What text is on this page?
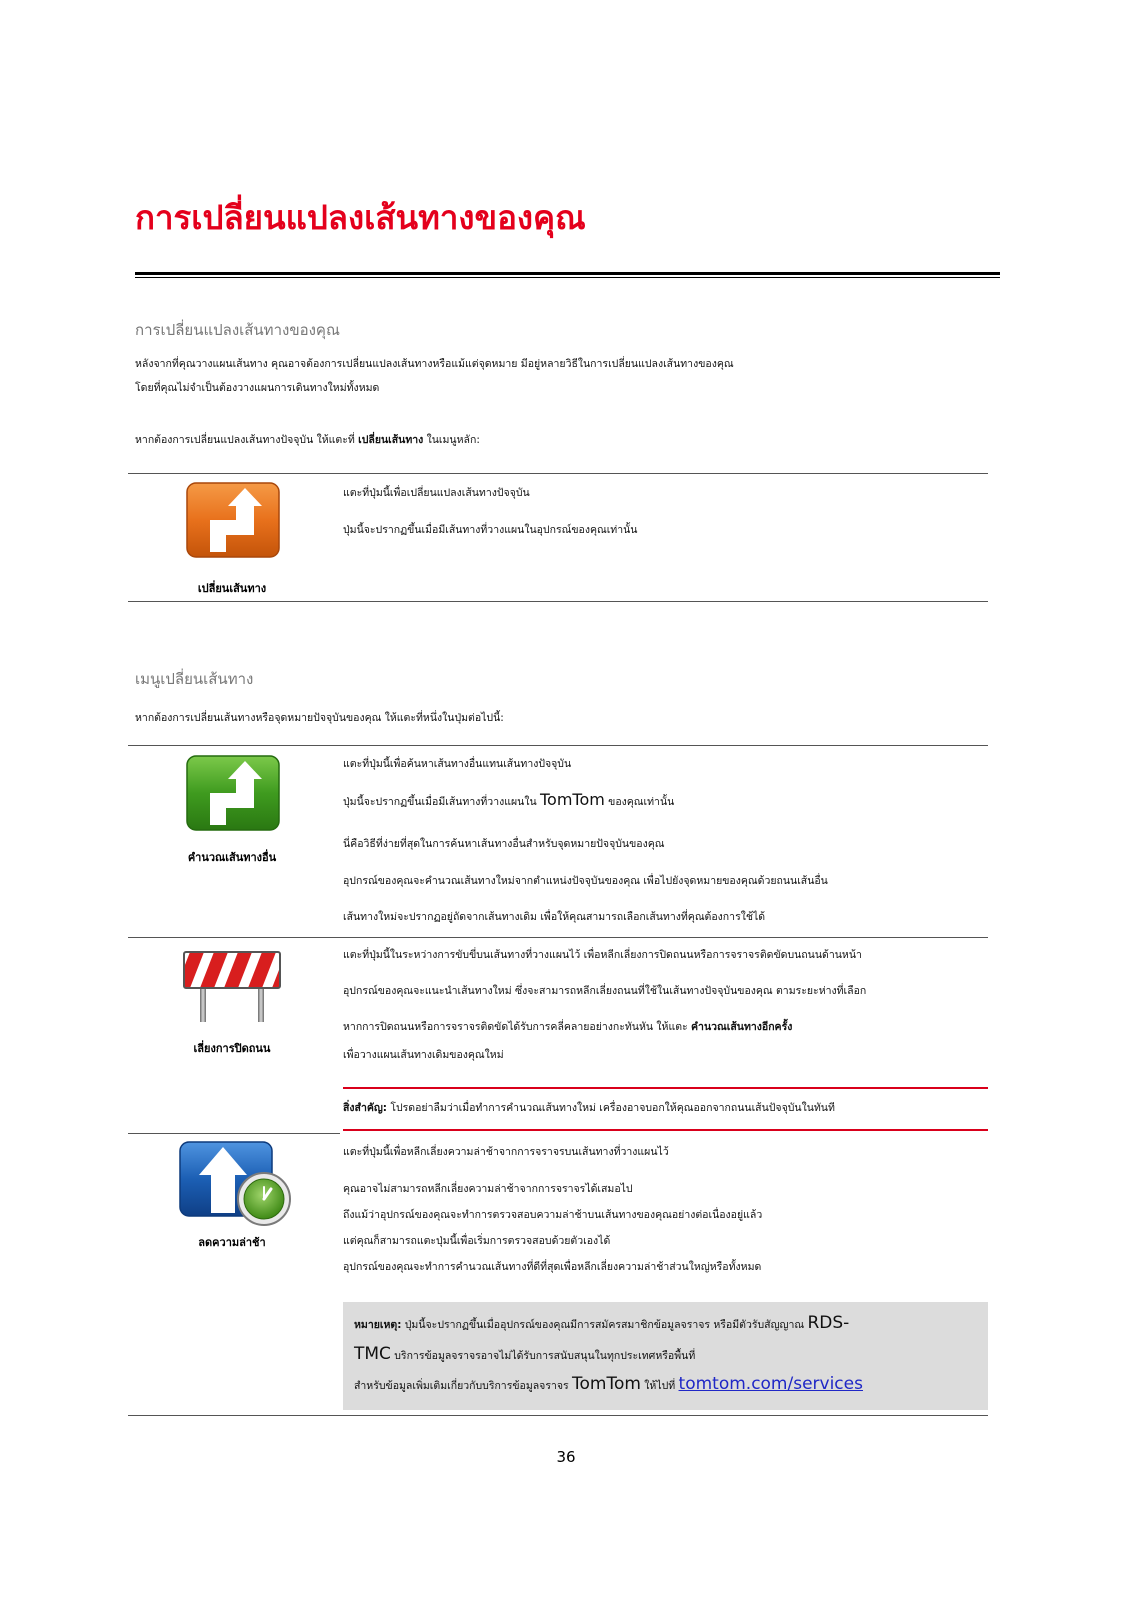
การเปลี่ยนแปลงเส้นทางของคุณ
การเปลี่ยนแปลงเส้นทางของคุณ
หลังจากที่คุณวางแผนเส้นทาง คุณอาจต้องการเปลี่ยนแปลงเส้นทางหรือแม้แต่จุดหมาย มีอยู่หลายวิธีในการเปลี่ยนแปลงเส้นทางของคุณ
โดยที่คุณไม่จำเป็นต้องวางแผนการเดินทางใหม่ทั้งหมด
หากต้องการเปลี่ยนแปลงเส้นทางปัจจุบัน ให้แตะที่ เปลี่ยนเส้นทาง ในเมนูหลัก:
เปลี่ยนเส้นทาง
แตะที่ปุ่มนี้เพื่อเปลี่ยนแปลงเส้นทางปัจจุบัน
ปุ่มนี้จะปรากฏขึ้นเมื่อมีเส้นทางที่วางแผนในอุปกรณ์ของคุณเท่านั้น
เมนูเปลี่ยนเส้นทาง
หากต้องการเปลี่ยนเส้นทางหรือจุดหมายปัจจุบันของคุณ ให้แตะที่หนึ่งในปุ่มต่อไปนี้:
คำนวณเส้นทางอื่น
แตะที่ปุ่มนี้เพื่อค้นหาเส้นทางอื่นแทนเส้นทางปัจจุบัน
ปุ่มนี้จะปรากฏขึ้นเมื่อมีเส้นทางที่วางแผนใน TomTom ของคุณเท่านั้น
นี่คือวิธีที่ง่ายที่สุดในการค้นหาเส้นทางอื่นสำหรับจุดหมายปัจจุบันของคุณ
อุปกรณ์ของคุณจะคำนวณเส้นทางใหม่จากตำแหน่งปัจจุบันของคุณ เพื่อไปยังจุดหมายของคุณด้วยถนนเส้นอื่น
เส้นทางใหม่จะปรากฏอยู่ถัดจากเส้นทางเดิม เพื่อให้คุณสามารถเลือกเส้นทางที่คุณต้องการใช้ได้
เลี่ยงการปิดถนน
แตะที่ปุ่มนี้ในระหว่างการขับขี่บนเส้นทางที่วางแผนไว้ เพื่อหลีกเลี่ยงการปิดถนนหรือการจราจรติดขัดบนถนนด้านหน้า
อุปกรณ์ของคุณจะแนะนำเส้นทางใหม่ ซึ่งจะสามารถหลีกเลี่ยงถนนที่ใช้ในเส้นทางปัจจุบันของคุณ ตามระยะห่างที่เลือก
หากการปิดถนนหรือการจราจรติดขัดได้รับการคลี่คลายอย่างกะทันหัน ให้แตะ คำนวณเส้นทางอีกครั้ง
เพื่อวางแผนเส้นทางเดิมของคุณใหม่
สิ่งสำคัญ: โปรดอย่าลืมว่าเมื่อทำการคำนวณเส้นทางใหม่ เครื่องอาจบอกให้คุณออกจากถนนเส้นปัจจุบันในทันที
ลดความล่าช้า
แตะที่ปุ่มนี้เพื่อหลีกเลี่ยงความล่าช้าจากการจราจรบนเส้นทางที่วางแผนไว้
คุณอาจไม่สามารถหลีกเลี่ยงความล่าช้าจากการจราจรได้เสมอไป
ถึงแม้ว่าอุปกรณ์ของคุณจะทำการตรวจสอบความล่าช้าบนเส้นทางของคุณอย่างต่อเนื่องอยู่แล้ว
แต่คุณก็สามารถแตะปุ่มนี้เพื่อเริ่มการตรวจสอบด้วยตัวเองได้
อุปกรณ์ของคุณจะทำการคำนวณเส้นทางที่ดีที่สุดเพื่อหลีกเลี่ยงความล่าช้าส่วนใหญ่หรือทั้งหมด
หมายเหตุ: ปุ่มนี้จะปรากฏขึ้นเมื่ออุปกรณ์ของคุณมีการสมัครสมาชิกข้อมูลจราจร หรือมีตัวรับสัญญาณ RDS-
TMC บริการข้อมูลจราจรอาจไม่ได้รับการสนับสนุนในทุกประเทศหรือพื้นที่
สำหรับข้อมูลเพิ่มเติมเกี่ยวกับบริการข้อมูลจราจร TomTom ให้ไปที่ tomtom.com/services
36
